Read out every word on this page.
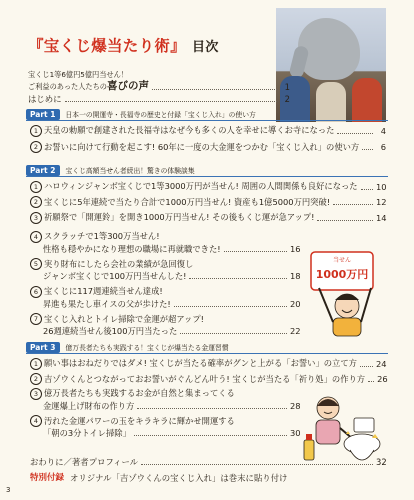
『宝くじ爆当たり術』 目次
宝くじ1等6億円5億円当せん！
ご利益のあった人たちの喜びの声	1
はじめに	2
Part 1	日本一の開運寺・長福寺の歴史と付録「宝くじ入れ」の使い方
1 天皇の勅願で創建された長福寺はなぜ今も多くの人を幸せに導くお寺になった	4
2 お誓いに向けて行動を起こす! 60年に一度の大金運をつかむ「宝くじ入れ」の使い方	6
Part 2	宝くじ高額当せん者続出！驚きの体験談集
1 ハロウィンジャンボ宝くじで1等3000万円が当せん! 周囲の人間関係も良好になった 10
2 宝くじに5年連続で当たり合計で1000万円当せん! 資産も1億5000万円突破!	12
3 祈願祭で「開運鈴」を開き1000万円当せん! その後もくじ運が急アップ!	14
4 スクラッチで1等300万当せん!
性格も穏やかになり理想の職場に再就職できた!	16
5 実り財布にしたら会社の業績が急回復し
ジャンボ宝くじで100万円当せんした!	18
6 宝くじに117週連続当せん達成!
昇進も果たし車イスの父が歩けた!	20
7 宝くじ入れとトイレ掃除で金運が超アップ!
26週連続当せん後100万円当たった	22
当せん
1000万円
Part 3	億万長者たちも実践する！宝くじが爆当たる金運習慣
1 願い事はおねだりではダメ! 宝くじが当たる確率がグンと上がる「お誓い」の立て方 24
2 吉ゾウくんとつながっておお誓いがぐんどん叶う! 宝くじが当たる「祈り処」の作り方 26
3 億万長者たちも実践するお金が自然と集まってくる
金運爆上げ財布の作り方	28
4 汚れた金運パワーの玉をキラキラに輝かせ開運する
「朝の3分トイレ掃除」	30
おわりに／著者プロフィール	32
特別付録 オリジナル「吉ゾウくんの宝くじ入れ」は巻末に貼り付け
3
